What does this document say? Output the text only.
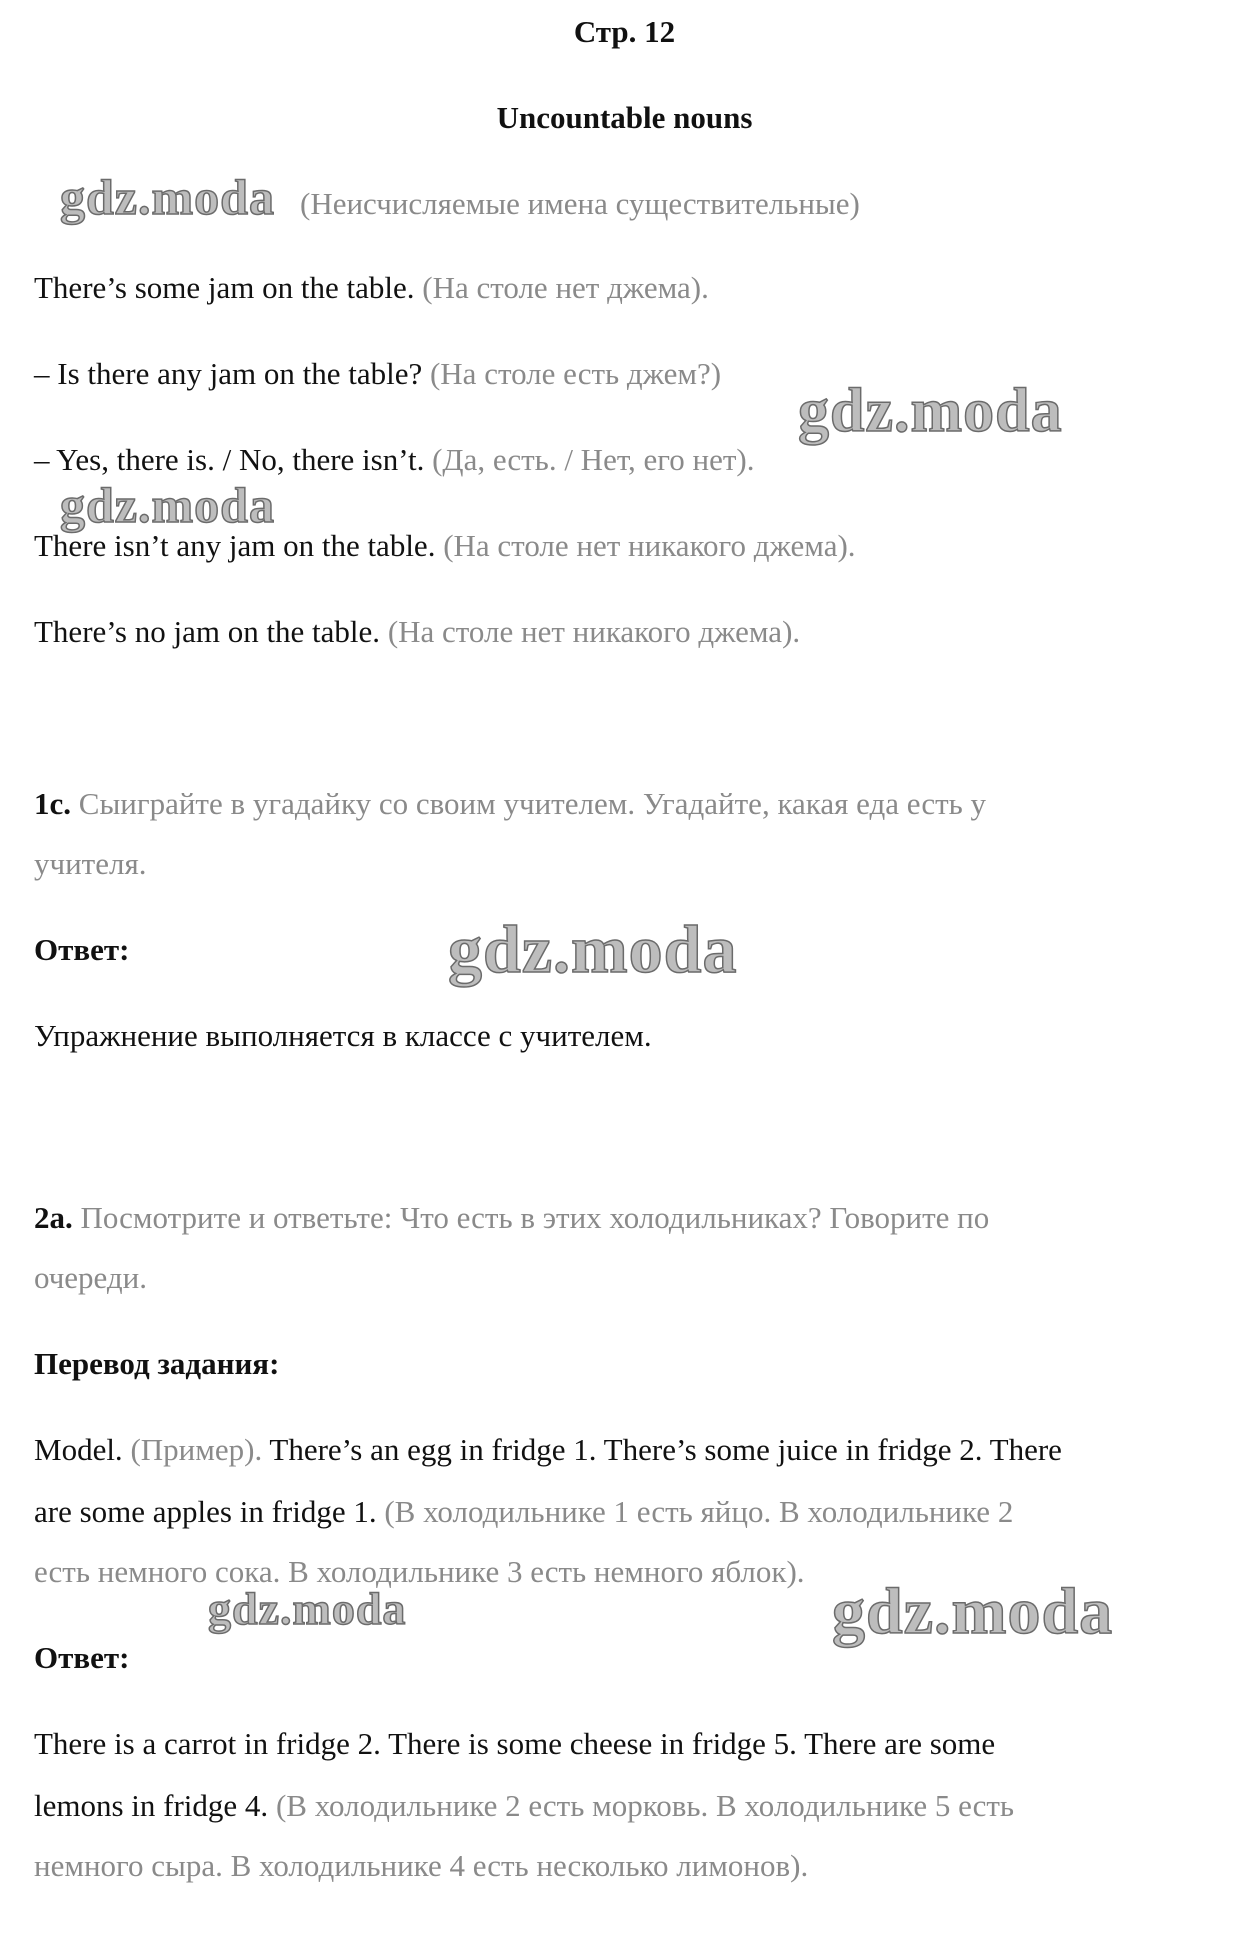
Стр. 12
Uncountable nouns
(Неисчисляемые имена существительные)
There’s some jam on the table. (На столе нет джема).
– Is there any jam on the table? (На столе есть джем?)
– Yes, there is. / No, there isn’t. (Да, есть. / Нет, его нет).
There isn’t any jam on the table. (На столе нет никакого джема).
There’s no jam on the table. (На столе нет никакого джема).
1c. Сыиграйте в угадайку со своим учителем. Угадайте, какая еда есть у
учителя.
Ответ:
Упражнение выполняется в классе с учителем.
2a. Посмотрите и ответьте: Что есть в этих холодильниках? Говорите по
очереди.
Перевод задания:
Model. (Пример). There’s an egg in fridge 1. There’s some juice in fridge 2. There
are some apples in fridge 1. (В холодильнике 1 есть яйцо. В холодильнике 2
есть немного сока. В холодильнике 3 есть немного яблок).
Ответ:
There is a carrot in fridge 2. There is some cheese in fridge 5. There are some
lemons in fridge 4. (В холодильнике 2 есть морковь. В холодильнике 5 есть
немного сыра. В холодильнике 4 есть несколько лимонов).
gdz.moda
gdz.moda
gdz.moda
gdz.moda
gdz.moda	gdz.moda
